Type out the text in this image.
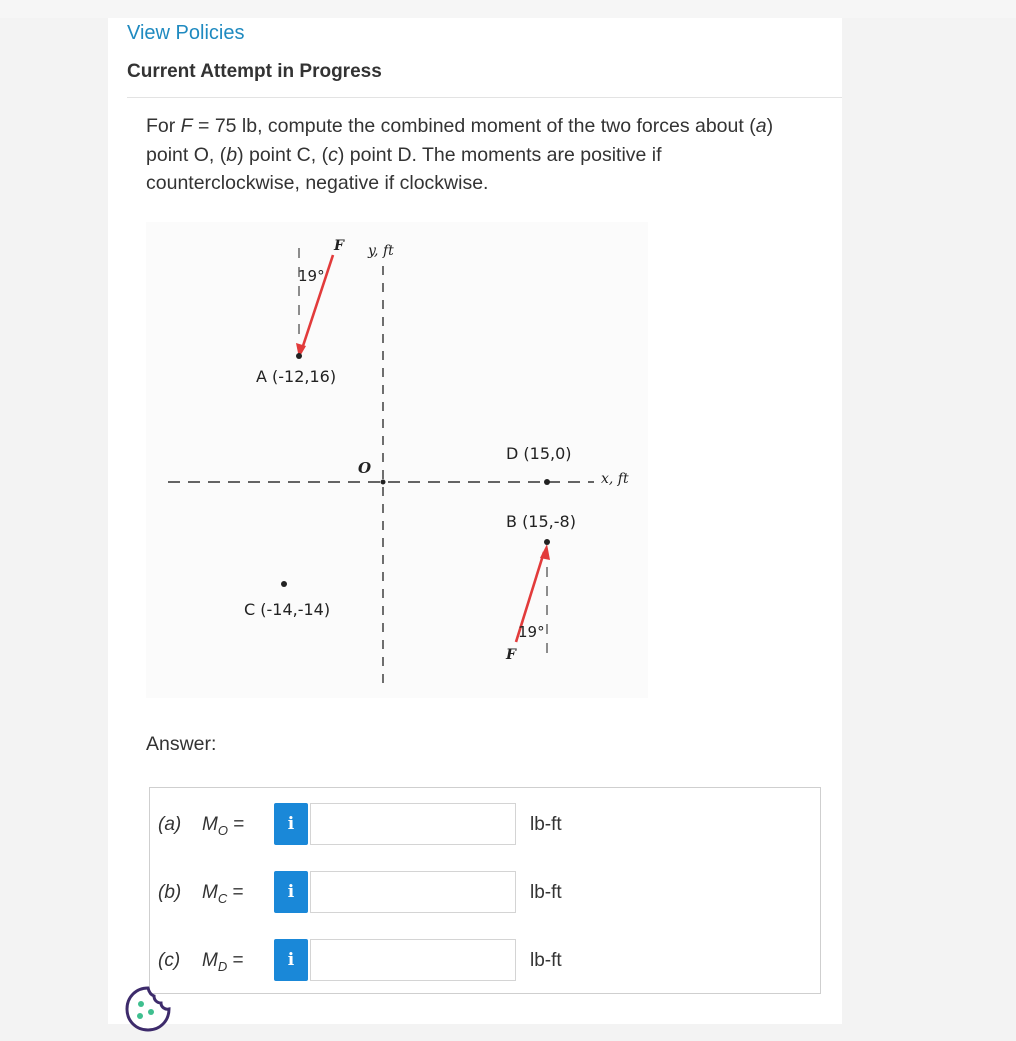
View Policies
Current Attempt in Progress
For F = 75 lb, compute the combined moment of the two forces about (a) point O, (b) point C, (c) point D. The moments are positive if counterclockwise, negative if clockwise.
F y, ft
19°
A (-12,16)
O
D (15,0)
x, ft
B (15,-8)
C (-14,-14)
19°
F
Answer:
(a) $M_O$ =	i	lb-ft
(b) $M_C$ =	i	lb-ft
(c) $M_D$ =	i	lb-ft
